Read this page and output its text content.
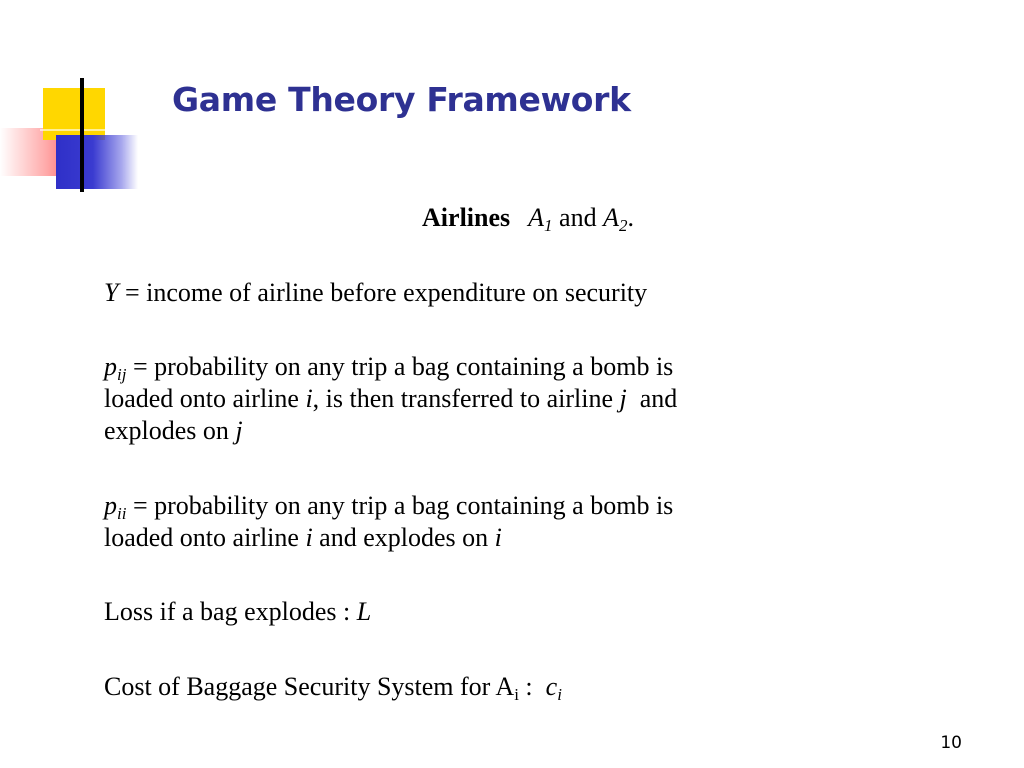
Game Theory Framework
Airlines $A_1$ and $A_2$.
Y = income of airline before expenditure on security
$p_{ij}$ = probability on any trip a bag containing a bomb is
loaded onto airline i, is then transferred to airline j  and
explodes on j
$p_{ii}$ = probability on any trip a bag containing a bomb is
loaded onto airline i and explodes on i
Loss if a bag explodes : L
Cost of Baggage Security System for $A_i$ :  $c_i$
10
